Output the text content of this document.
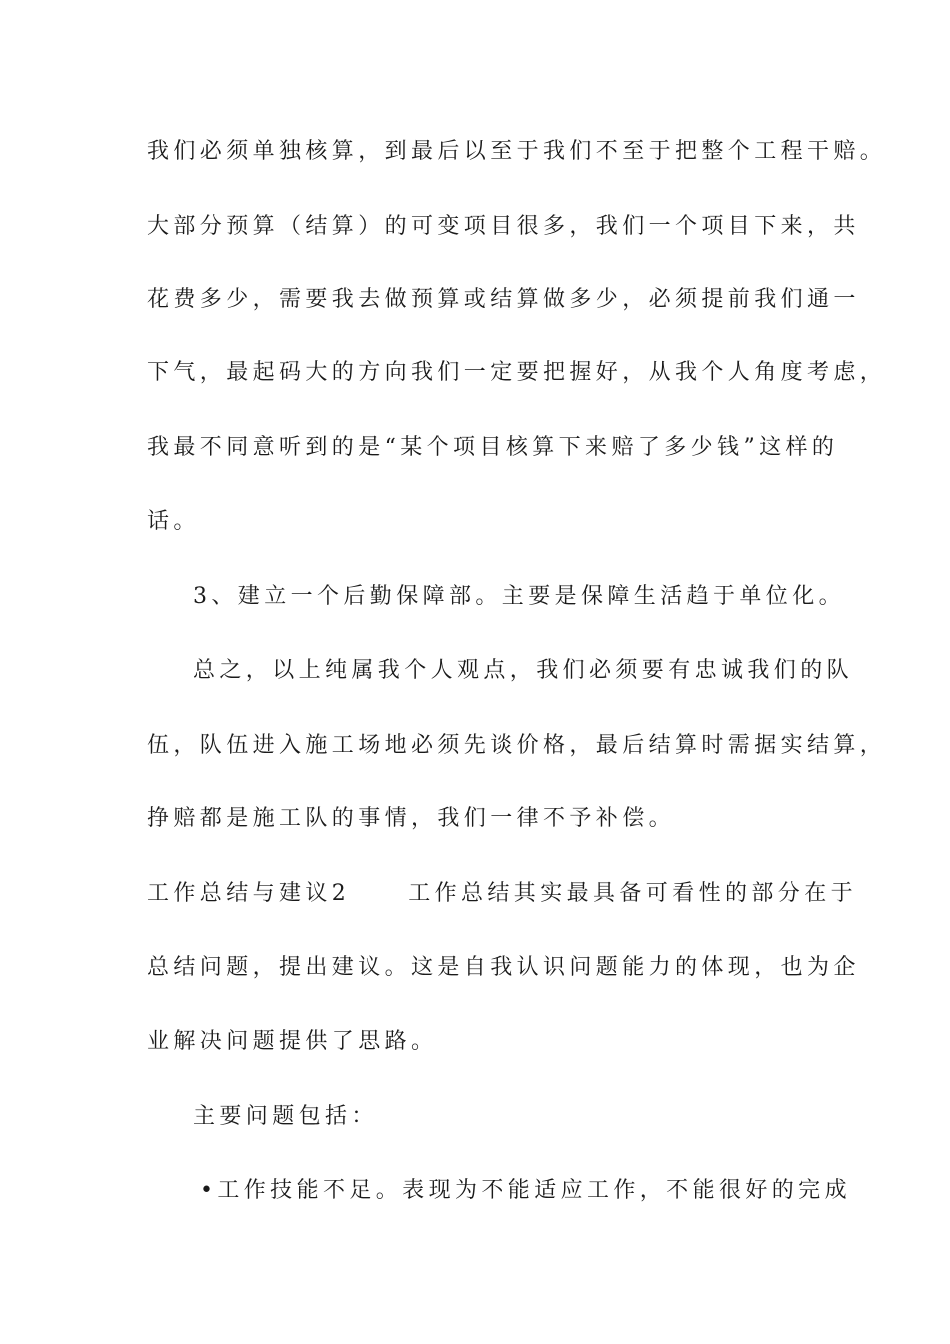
我们必须单独核算，到最后以至于我们不至于把整个工程干赔。
大部分预算（结算）的可变项目很多，我们一个项目下来，共
花费多少，需要我去做预算或结算做多少，必须提前我们通一
下气，最起码大的方向我们一定要把握好，从我个人角度考虑，
我最不同意听到的是“某个项目核算下来赔了多少钱”这样的
话。
3、建立一个后勤保障部。主要是保障生活趋于单位化。
总之，以上纯属我个人观点，我们必须要有忠诚我们的队
伍，队伍进入施工场地必须先谈价格，最后结算时需据实结算，
挣赔都是施工队的事情，我们一律不予补偿。
工作总结与建议2	工作总结其实最具备可看性的部分在于
总结问题，提出建议。这是自我认识问题能力的体现，也为企
业解决问题提供了思路。
主要问题包括：
•工作技能不足。表现为不能适应工作，不能很好的完成
